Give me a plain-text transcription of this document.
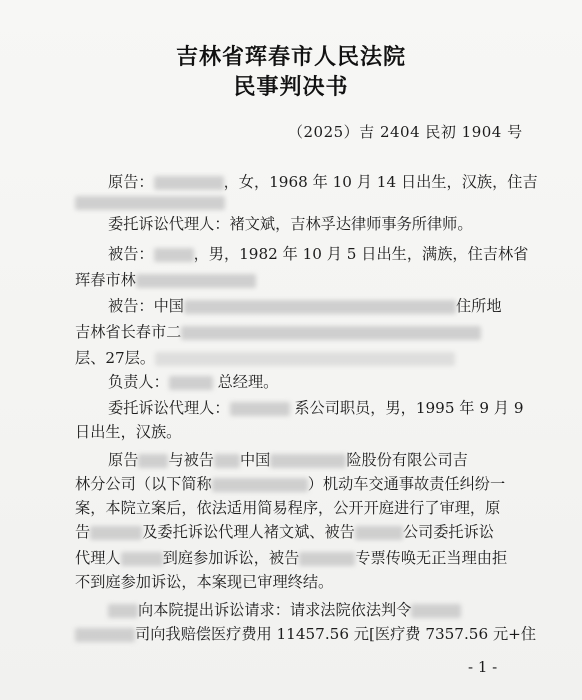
吉林省珲春市人民法院
民事判决书
（2025）吉 2404 民初 1904 号
原告：	，女，1968 年 10 月 14 日出生，汉族，住吉
委托诉讼代理人：褚文斌，吉林孚达律师事务所律师。
被告：	，男，1982 年 10 月 5 日出生，满族，住吉林省
珲春市林
被告：中国	住所地
吉林省长春市二
层、27层。
负责人：	总经理。
委托诉讼代理人：	系公司职员，男，1995 年 9 月 9
日出生，汉族。
原告 与被告 中国	险股份有限公司吉
林分公司（以下简称	）机动车交通事故责任纠纷一
案，本院立案后，依法适用简易程序，公开开庭进行了审理，原
告	及委托诉讼代理人褚文斌、被告	公司委托诉讼
代理人	到庭参加诉讼，被告	专票传唤无正当理由拒
不到庭参加诉讼，本案现已审理终结。
向本院提出诉讼请求：请求法院依法判令
司向我赔偿医疗费用 11457.56 元[医疗费 7357.56 元+住
- 1 -
